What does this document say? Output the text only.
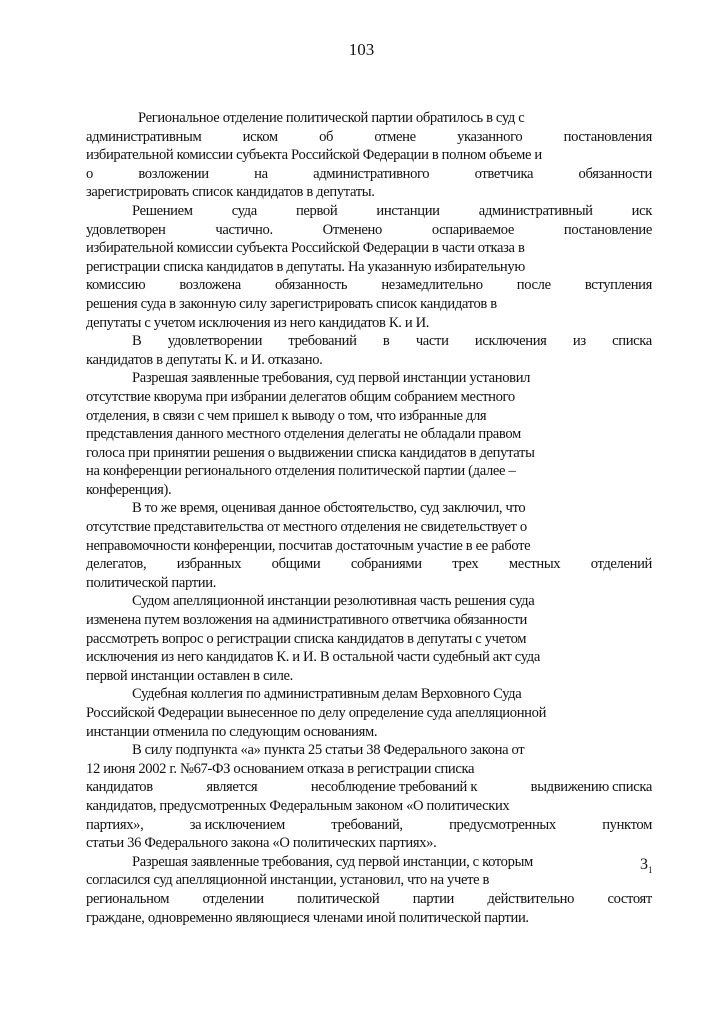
103
Региональное отделение политической партии обратилось в суд с
административным	иском	об	отмене	указанного	постановления
избирательной комиссии субъекта Российской Федерации в полном объеме и
о	возложении	на	административного	ответчика	обязанности
зарегистрировать список кандидатов в депутаты.
Решением	суда	первой	инстанции	административный	иск
удовлетворен	частично.	Отменено	оспариваемое	постановление
избирательной комиссии субъекта Российской Федерации в части отказа в
регистрации списка кандидатов в депутаты. На указанную избирательную
комиссию возложена обязанность незамедлительно после вступления
решения суда в законную силу зарегистрировать список кандидатов в
депутаты с учетом исключения из него кандидатов К. и И.
В удовлетворении требований в части исключения из списка
кандидатов в депутаты К. и И. отказано.
Разрешая заявленные требования, суд первой инстанции установил
отсутствие кворума при избрании делегатов общим собранием местного
отделения, в связи с чем пришел к выводу о том, что избранные для
представления данного местного отделения делегаты не обладали правом
голоса при принятии решения о выдвижении списка кандидатов в депутаты
на конференции регионального отделения политической партии (далее –
конференция).
В то же время, оценивая данное обстоятельство, суд заключил, что
отсутствие представительства от местного отделения не свидетельствует о
неправомочности конференции, посчитав достаточным участие в ее работе
делегатов, избранных общими собраниями трех местных отделений
политической партии.
Судом апелляционной инстанции резолютивная часть решения суда
изменена путем возложения на административного ответчика обязанности
рассмотреть вопрос о регистрации списка кандидатов в депутаты с учетом
исключения из него кандидатов К. и И. В остальной части судебный акт суда
первой инстанции оставлен в силе.
Судебная коллегия по административным делам Верховного Суда
Российской Федерации вынесенное по делу определение суда апелляционной
инстанции отменила по следующим основаниям.
В силу подпункта «а» пункта 25 статьи 38 Федерального закона от
12 июня 2002 г. №67-ФЗ основанием отказа в регистрации списка
кандидатов	является	несоблюдение требований к	выдвижению списка
кандидатов, предусмотренных Федеральным законом «О политических
партиях»,	за исключением	требований,	предусмотренных	пунктом
статьи 36 Федерального закона «О политических партиях».
Разрешая заявленные требования, суд первой инстанции, с которым
согласился суд апелляционной инстанции, установил, что на учете в
региональном отделении политической партии действительно состоят
граждане, одновременно являющиеся членами иной политической партии.
$3_1$
